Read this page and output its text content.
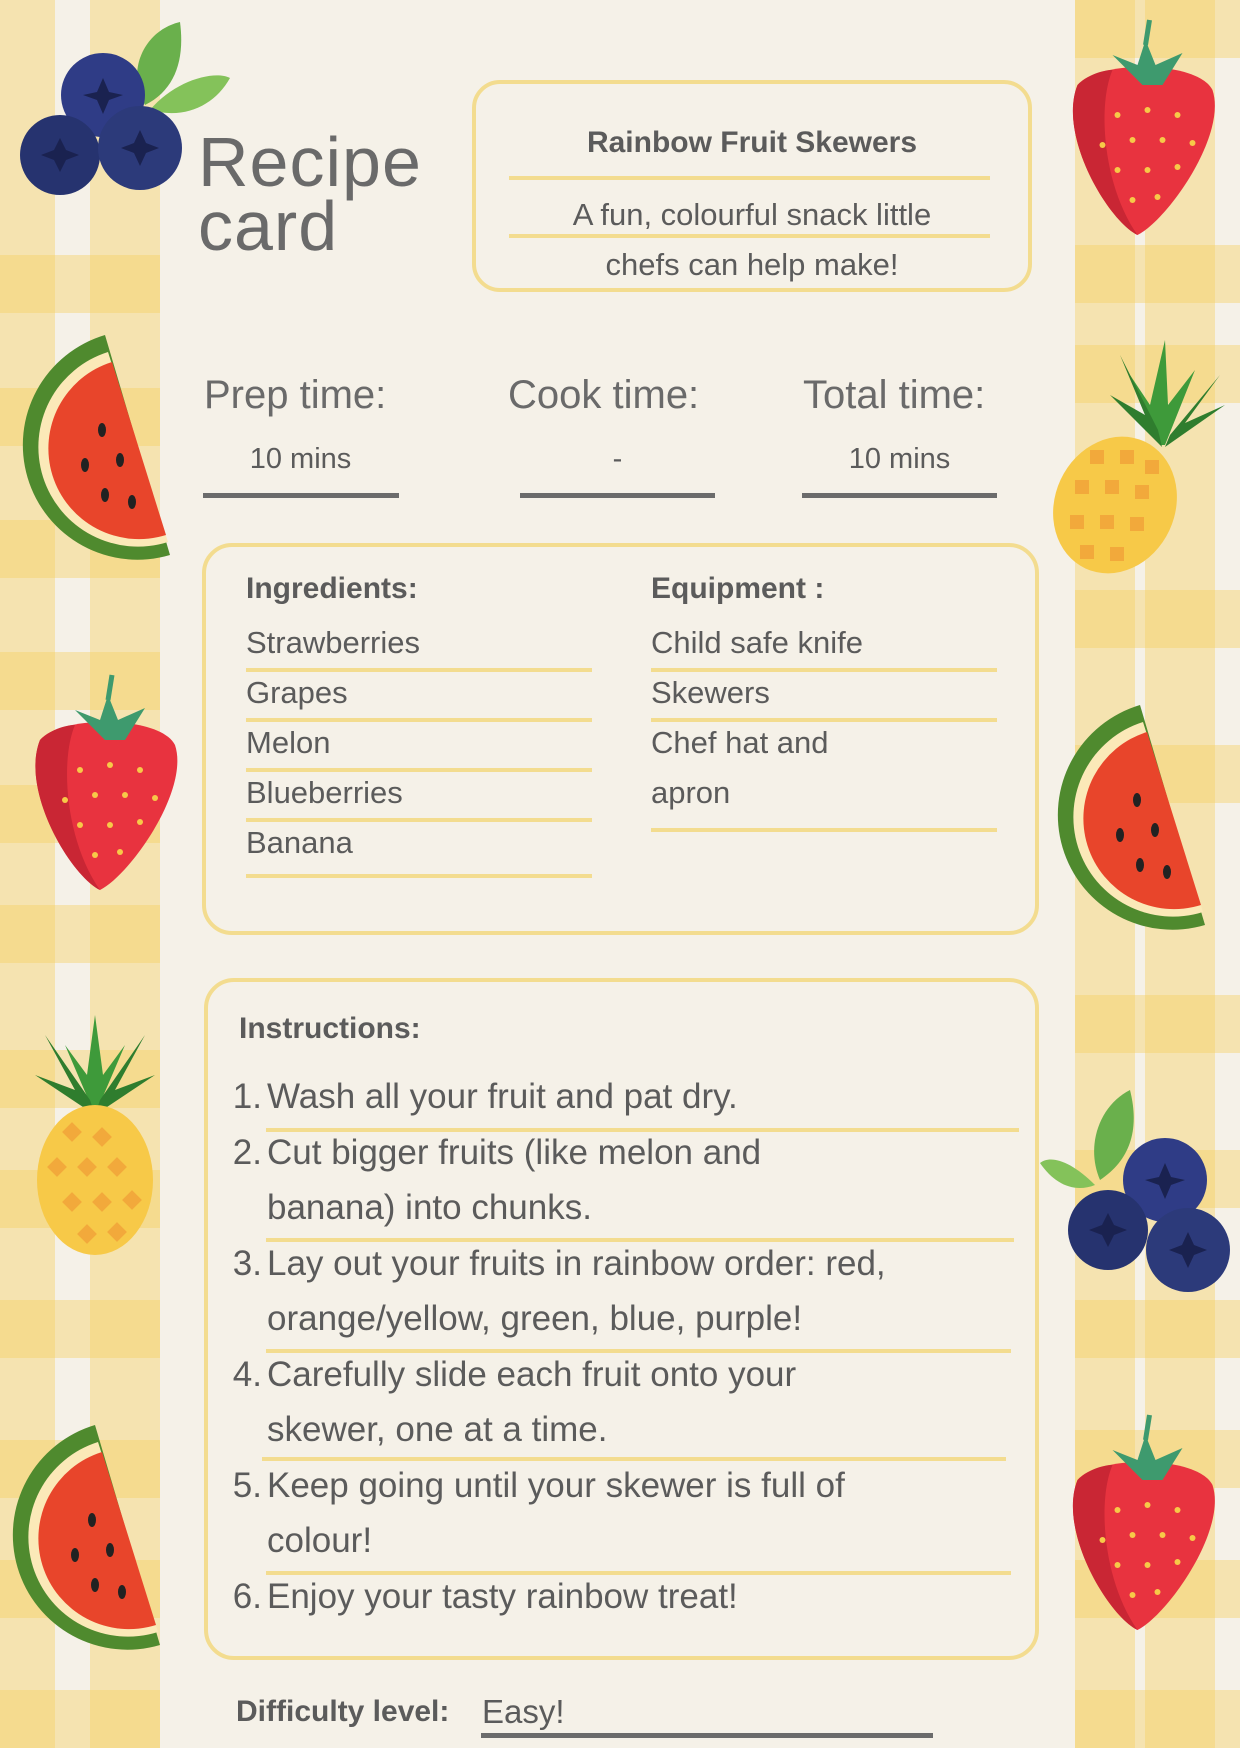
Recipe
card
Rainbow Fruit Skewers
A fun, colourful snack little
chefs can help make!
Prep time:
10 mins
Cook time:
-
Total time:
10 mins
Ingredients:
Strawberries
Grapes
Melon
Blueberries
Banana
Equipment :
Child safe knife
Skewers
Chef hat and
apron
Instructions:
1. Wash all your fruit and pat dry.
2. Cut bigger fruits (like melon and
banana) into chunks.
3. Lay out your fruits in rainbow order: red,
orange/yellow, green, blue, purple!
4. Carefully slide each fruit onto your
skewer, one at a time.
5. Keep going until your skewer is full of
colour!
6. Enjoy your tasty rainbow treat!
Difficulty level: Easy!
